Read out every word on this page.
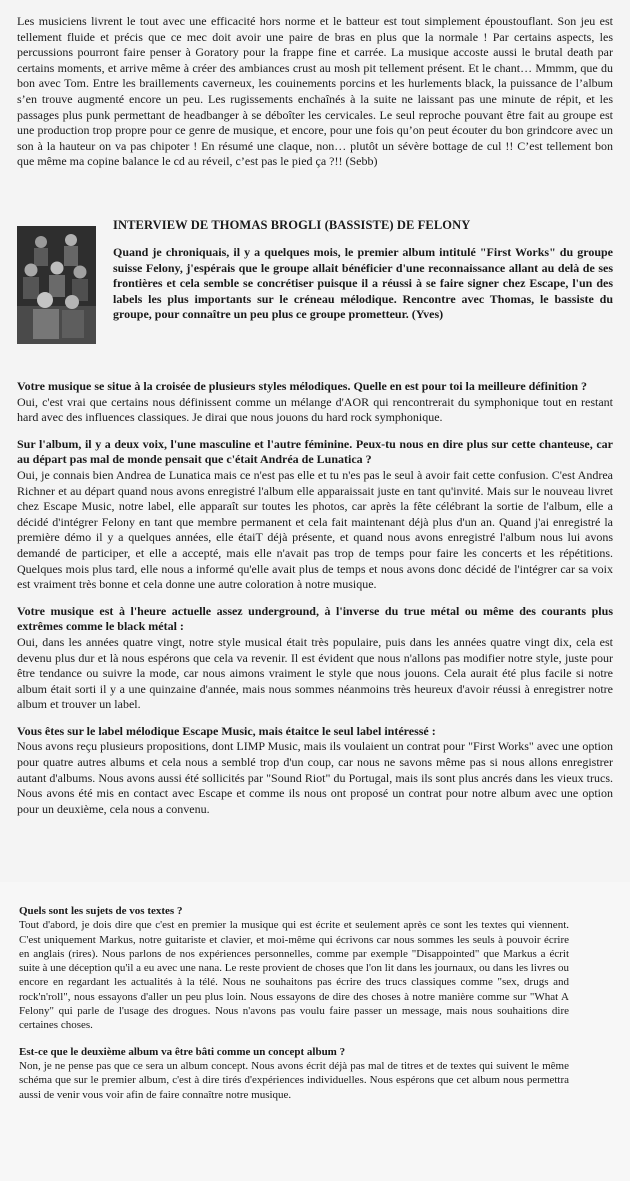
Les musiciens livrent le tout avec une efficacité hors norme et le batteur est tout simplement époustouflant. Son jeu est tellement fluide et précis que ce mec doit avoir une paire de bras en plus que la normale ! Par certains aspects, les percussions pourront faire penser à Goratory pour la frappe fine et carrée. La musique accoste aussi le brutal death par certains moments, et arrive même à créer des ambiances crust au mosh pit tellement présent. Et le chant… Mmmm, que du bon avec Tom. Entre les braillements caverneux, les couinements porcins et les hurlements black, la puissance de l’album s’en trouve augmenté encore un peu. Les rugissements enchaînés à la suite ne laissant pas une minute de répit, et les passages plus punk permettant de headbanger à se déboîter les cervicales. Le seul reproche pouvant être fait au groupe est une production trop propre pour ce genre de musique, et encore, pour une fois qu’on peut écouter du bon grindcore avec un son à la hauteur on va pas chipoter ! En résumé une claque, non… plutôt un sévère bottage de cul !! C’est tellement bon que même ma copine balance le cd au réveil, c’est pas le pied ça ?!! (Sebb)

INTERVIEW DE THOMAS BROGLI (BASSISTE) DE FELONY

Quand je chroniquais, il y a quelques mois, le premier album intitulé "First Works" du groupe suisse Felony, j'espérais que le groupe allait bénéficier d'une reconnaissance allant au delà de ses frontières et cela semble se concrétiser puisque il a réussi à se faire signer chez Escape, l'un des labels les plus importants sur le créneau mélodique. Rencontre avec Thomas, le bassiste du groupe, pour connaître un peu plus ce groupe prometteur. (Yves)

Votre musique se situe à la croisée de plusieurs styles mélodiques. Quelle en est pour toi la meilleure définition ?

Oui, c'est vrai que certains nous définissent comme un mélange d'AOR qui rencontrerait du symphonique tout en restant hard avec des influences classiques. Je dirai que nous jouons du hard rock symphonique.

Sur l'album, il y a deux voix, l'une masculine et l'autre féminine. Peux-tu nous en dire plus sur cette chanteuse, car au départ pas mal de monde pensait que c'était Andréa de Lunatica ?

Oui, je connais bien Andrea de Lunatica mais ce n'est pas elle et tu n'es pas le seul à avoir fait cette confusion. C'est Andrea Richner et au départ quand nous avons enregistré l'album elle apparaissait juste en tant qu'invité. Mais sur le nouveau livret chez Escape Music, notre label, elle apparaît sur toutes les photos, car après la fête célébrant la sortie de l'album, elle a décidé d'intégrer Felony en tant que membre permanent et cela fait maintenant déjà plus d'un an. Quand j'ai enregistré la première démo il y a quelques années, elle étaiT déjà présente, et quand nous avons enregistré l'album nous lui avons demandé de participer, et elle a accepté, mais elle n'avait pas trop de temps pour faire les concerts et les répétitions. Quelques mois plus tard, elle nous a informé qu'elle avait plus de temps et nous avons donc décidé de l'intégrer car sa voix est vraiment très bonne et cela donne une autre coloration à notre musique.

Votre musique est à l'heure actuelle assez underground, à l'inverse du true métal ou même des courants plus extrêmes comme le black métal :

Oui, dans les années quatre vingt, notre style musical était très populaire, puis dans les années quatre vingt dix, cela est devenu plus dur et là nous espérons que cela va revenir. Il est évident que nous n'allons pas modifier notre style, juste pour être tendance ou suivre la mode, car nous aimons vraiment le style que nous jouons. Cela aurait été plus facile si notre album était sorti il y a une quinzaine d'année, mais nous sommes néanmoins très heureux d'avoir réussi à enregistrer notre album et trouver un label.

Vous êtes sur le label mélodique Escape Music, mais étaitce le seul label intéressé :

Nous avons reçu plusieurs propositions, dont LIMP Music, mais ils voulaient un contrat pour "First Works" avec une option pour quatre autres albums et cela nous a semblé trop d'un coup, car nous ne savons même pas si nous allons enregistrer autant d'albums. Nous avons aussi été sollicités par "Sound Riot" du Portugal, mais ils sont plus ancrés dans les vieux trucs. Nous avons été mis en contact avec Escape et comme ils nous ont proposé un contrat pour notre album avec une option pour un deuxième, cela nous a convenu.

Quels sont les sujets de vos textes ?

Tout d'abord, je dois dire que c'est en premier la musique qui est écrite et seulement après ce sont les textes qui viennent. C'est uniquement Markus, notre guitariste et clavier, et moi-même qui écrivons car nous sommes les seuls à pouvoir écrire en anglais (rires). Nous parlons de nos expériences personnelles, comme par exemple "Disappointed" que Markus a écrit suite à une déception qu'il a eu avec une nana. Le reste provient de choses que l'on lit dans les journaux, ou dans les livres ou encore en regardant les actualités à la télé. Nous ne souhaitons pas écrire des trucs classiques comme "sex, drugs and rock'n'roll", nous essayons d'aller un peu plus loin. Nous essayons de dire des choses à notre manière comme sur "What A Felony" qui parle de l'usage des drogues. Nous n'avons pas voulu faire passer un message, mais nous souhaitions dire certaines choses.

Est-ce que le deuxième album va être bâti comme un concept album ?

Non, je ne pense pas que ce sera un album concept. Nous avons écrit déjà pas mal de titres et de textes qui suivent le même schéma que sur le premier album, c'est à dire tirés d'expériences individuelles. Nous espérons que cet album nous permettra aussi de venir vous voir afin de faire connaître notre musique.
